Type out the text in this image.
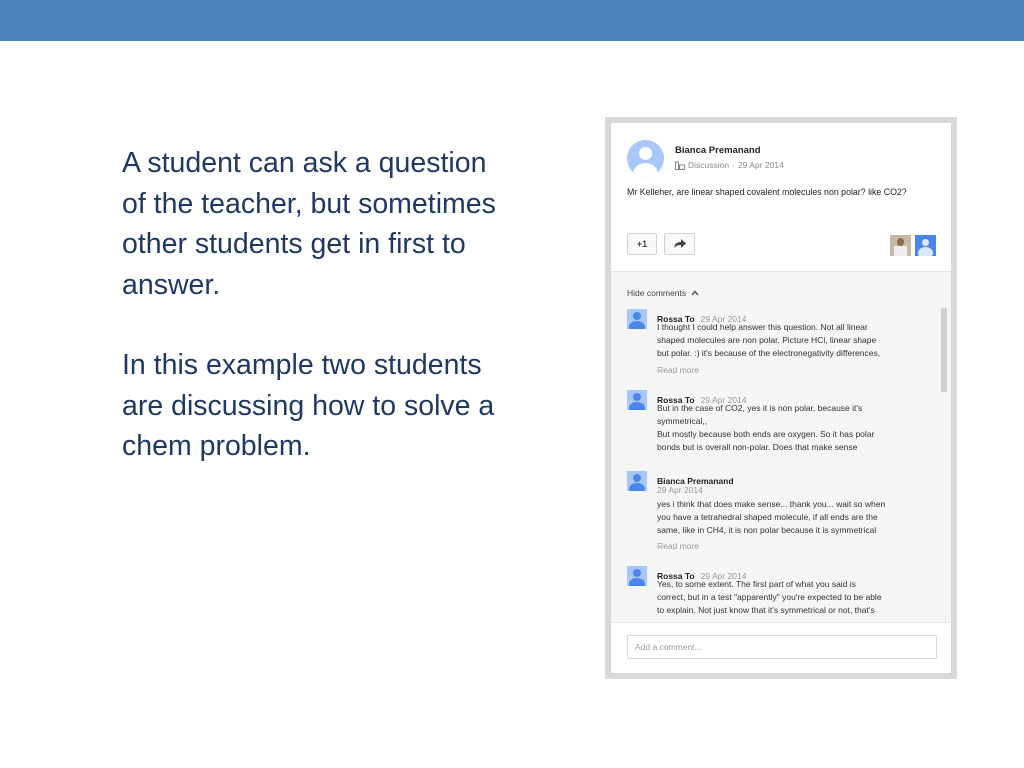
A student can ask a question of the teacher, but sometimes other students get in first to answer.

In this example two students are discussing how to solve a chem problem.

Bianca Premanand
Discussion · 29 Apr 2014
Mr Kelleher, are linear shaped covalent molecules non polar? like CO2?
+1
Hide comments
Rossa To 29 Apr 2014
I thought I could help answer this question. Not all linear
shaped molecules are non polar. Picture HCl, linear shape
but polar. :) it's because of the electronegativity differences,
Read more
Rossa To 29 Apr 2014
But in the case of CO2, yes it is non polar, because it's
symmetrical,,
But mostly because both ends are oxygen. So it has polar
bonds but is overall non-polar. Does that make sense
Bianca Premanand
29 Apr 2014
yes i think that does make sense... thank you... wait so when
you have a tetrahedral shaped molecule, if all ends are the
same, like in CH4, it is non polar because it is symmetrical
Read more
Rossa To 29 Apr 2014
Yes, to some extent. The first part of what you said is
correct, but in a test "apparently" you're expected to be able
to explain. Not just know that it's symmetrical or not, that's
Add a comment...
